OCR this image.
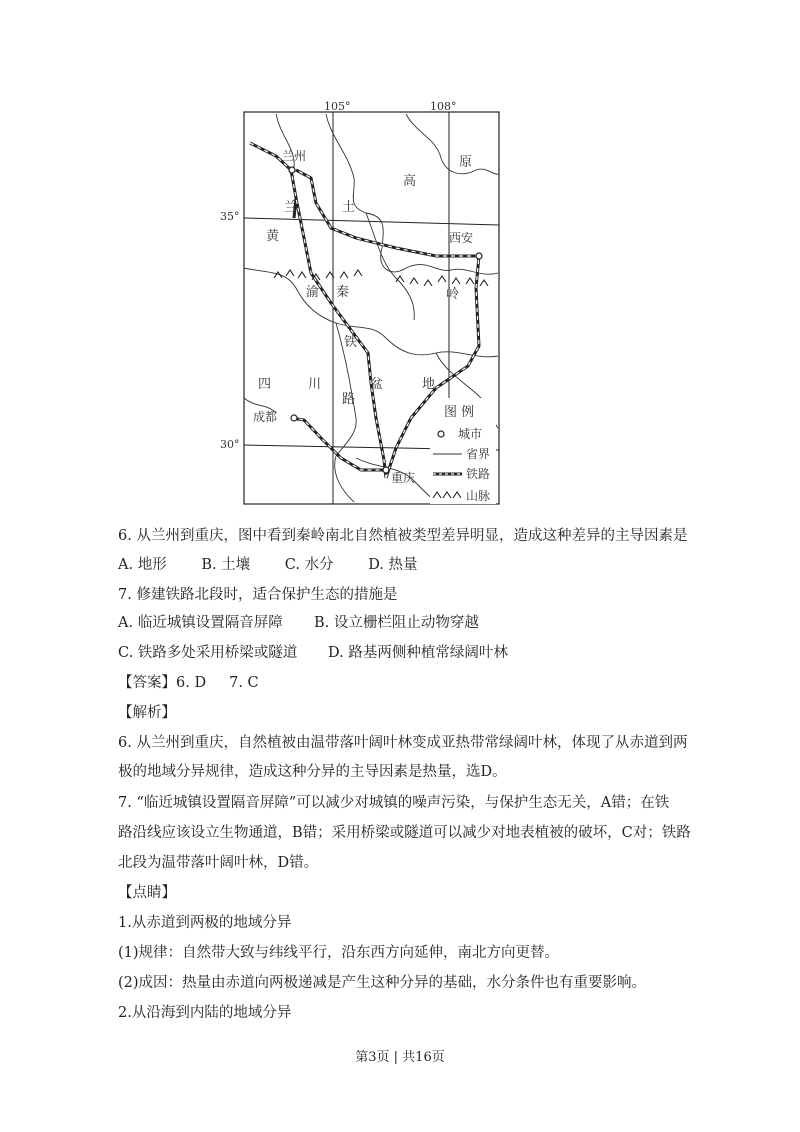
105°	108°
35°
30°
兰州
西安
成都
重庆
兰	土
黄
高
原
渝 秦	岭
铁
路
盆	地
四	川
图 例
城市
省界
铁路
山脉
6. 从兰州到重庆，图中看到秦岭南北自然植被类型差异明显，造成这种差异的主导因素是
A. 地形 B. 土壤 C. 水分 D. 热量
7. 修建铁路北段时，适合保护生态的措施是
A. 临近城镇设置隔音屏障 B. 设立栅栏阻止动物穿越
C. 铁路多处采用桥梁或隧道 D. 路基两侧种植常绿阔叶林
【答案】6. D     7. C
【解析】
6. 从兰州到重庆，自然植被由温带落叶阔叶林变成亚热带常绿阔叶林，体现了从赤道到两
极的地域分异规律，造成这种分异的主导因素是热量，选D。
7. “临近城镇设置隔音屏障”可以减少对城镇的噪声污染，与保护生态无关，A错；在铁
路沿线应该设立生物通道，B错；采用桥梁或隧道可以减少对地表植被的破坏，C对；铁路
北段为温带落叶阔叶林，D错。
【点睛】
1.从赤道到两极的地域分异
(1)规律：自然带大致与纬线平行，沿东西方向延伸，南北方向更替。
(2)成因：热量由赤道向两极递减是产生这种分异的基础，水分条件也有重要影响。
2.从沿海到内陆的地域分异
第3页 | 共16页
